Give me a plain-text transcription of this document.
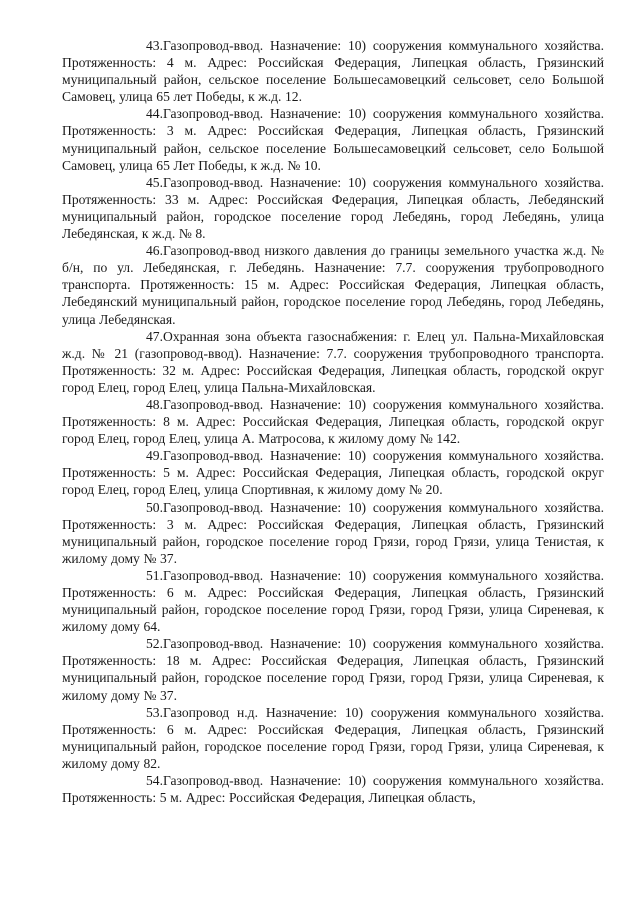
43.Газопровод-ввод. Назначение: 10) сооружения коммунального хозяйства. Протяженность: 4 м. Адрес: Российская Федерация, Липецкая область, Грязинский муниципальный район, сельское поселение Большесамовецкий сельсовет, село Большой Самовец, улица 65 лет Победы, к ж.д. 12.

44.Газопровод-ввод. Назначение: 10) сооружения коммунального хозяйства. Протяженность: 3 м. Адрес: Российская Федерация, Липецкая область, Грязинский муниципальный район, сельское поселение Большесамовецкий сельсовет, село Большой Самовец, улица 65 Лет Победы, к ж.д. № 10.

45.Газопровод-ввод. Назначение: 10) сооружения коммунального хозяйства. Протяженность: 33 м. Адрес: Российская Федерация, Липецкая область, Лебедянский муниципальный район, городское поселение город Лебедянь, город Лебедянь, улица Лебедянская, к ж.д. № 8.

46.Газопровод-ввод низкого давления до границы земельного участка ж.д. № б/н, по ул. Лебедянская, г. Лебедянь. Назначение: 7.7. сооружения трубопроводного транспорта. Протяженность: 15 м. Адрес: Российская Федерация, Липецкая область, Лебедянский муниципальный район, городское поселение город Лебедянь, город Лебедянь, улица Лебедянская.

47.Охранная зона объекта газоснабжения: г. Елец ул. Пальна-Михайловская ж.д. № 21 (газопровод-ввод). Назначение: 7.7. сооружения трубопроводного транспорта. Протяженность: 32 м. Адрес: Российская Федерация, Липецкая область, городской округ город Елец, город Елец, улица Пальна-Михайловская.

48.Газопровод-ввод. Назначение: 10) сооружения коммунального хозяйства. Протяженность: 8 м. Адрес: Российская Федерация, Липецкая область, городской округ город Елец, город Елец, улица А. Матросова, к жилому дому № 142.

49.Газопровод-ввод. Назначение: 10) сооружения коммунального хозяйства. Протяженность: 5 м. Адрес: Российская Федерация, Липецкая область, городской округ город Елец, город Елец, улица Спортивная, к жилому дому № 20.

50.Газопровод-ввод. Назначение: 10) сооружения коммунального хозяйства. Протяженность: 3 м. Адрес: Российская Федерация, Липецкая область, Грязинский муниципальный район, городское поселение город Грязи, город Грязи, улица Тенистая, к жилому дому № 37.

51.Газопровод-ввод. Назначение: 10) сооружения коммунального хозяйства. Протяженность: 6 м. Адрес: Российская Федерация, Липецкая область, Грязинский муниципальный район, городское поселение город Грязи, город Грязи, улица Сиреневая, к жилому дому 64.

52.Газопровод-ввод. Назначение: 10) сооружения коммунального хозяйства. Протяженность: 18 м. Адрес: Российская Федерация, Липецкая область, Грязинский муниципальный район, городское поселение город Грязи, город Грязи, улица Сиреневая, к жилому дому № 37.

53.Газопровод н.д. Назначение: 10) сооружения коммунального хозяйства. Протяженность: 6 м. Адрес: Российская Федерация, Липецкая область, Грязинский муниципальный район, городское поселение город Грязи, город Грязи, улица Сиреневая, к жилому дому 82.

54.Газопровод-ввод. Назначение: 10) сооружения коммунального хозяйства. Протяженность: 5 м. Адрес: Российская Федерация, Липецкая область,
